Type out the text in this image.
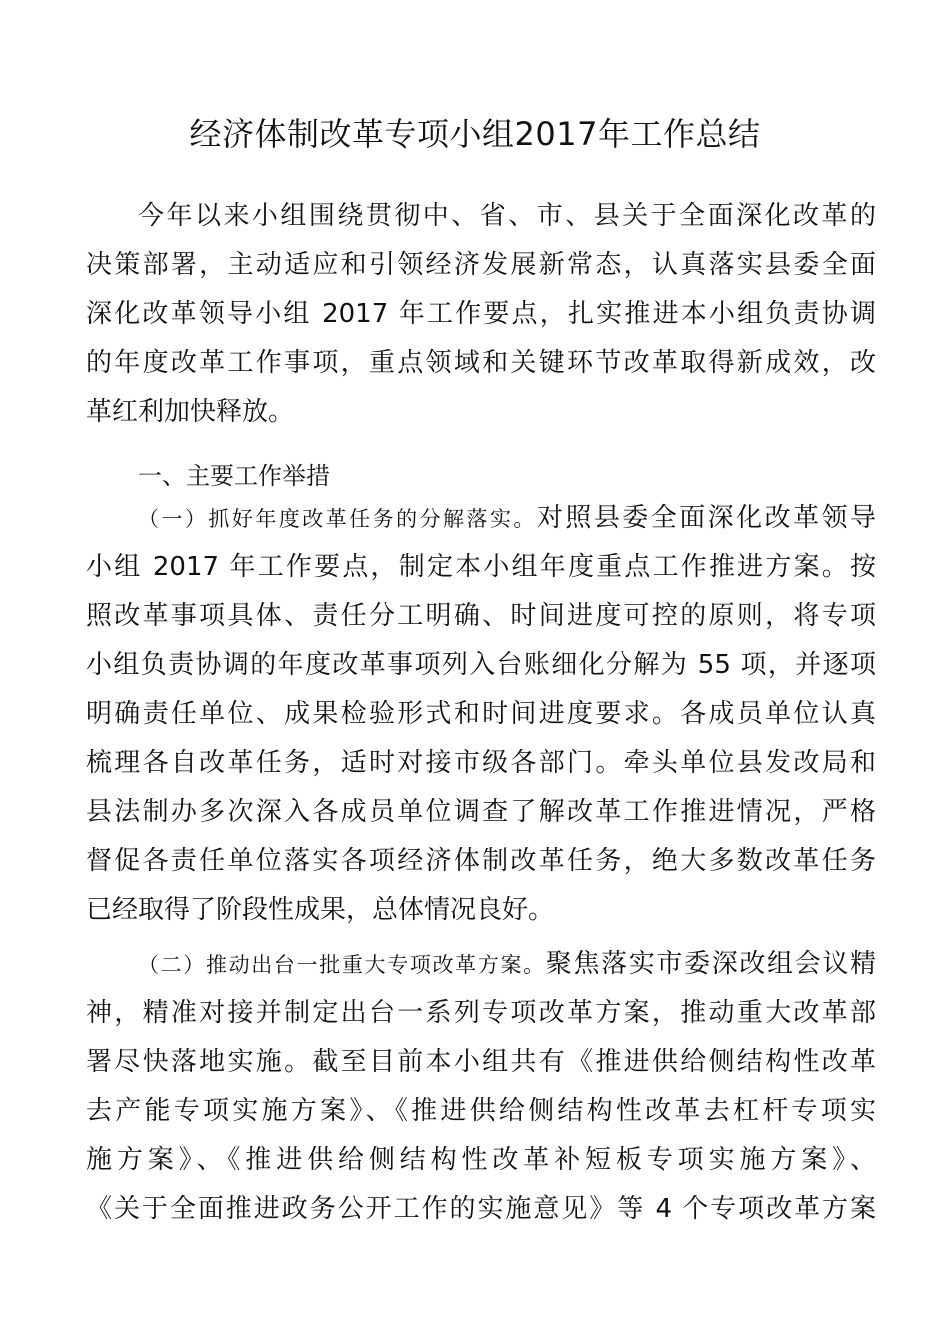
经济体制改革专项小组2017年工作总结
今年以来小组围绕贯彻中、省、市、县关于全面深化改革的
决策部署，主动适应和引领经济发展新常态，认真落实县委全面
深化改革领导小组 2017 年工作要点，扎实推进本小组负责协调
的年度改革工作事项，重点领域和关键环节改革取得新成效，改
革红利加快释放。
一、主要工作举措
（一）抓好年度改革任务的分解落实。对照县委全面深化改革领导
小组 2017 年工作要点，制定本小组年度重点工作推进方案。按
照改革事项具体、责任分工明确、时间进度可控的原则，将专项
小组负责协调的年度改革事项列入台账细化分解为 55 项，并逐项
明确责任单位、成果检验形式和时间进度要求。各成员单位认真
梳理各自改革任务，适时对接市级各部门。牵头单位县发改局和
县法制办多次深入各成员单位调查了解改革工作推进情况，严格
督促各责任单位落实各项经济体制改革任务，绝大多数改革任务
已经取得了阶段性成果，总体情况良好。
（二）推动出台一批重大专项改革方案。聚焦落实市委深改组会议精
神，精准对接并制定出台一系列专项改革方案，推动重大改革部
署尽快落地实施。截至目前本小组共有《推进供给侧结构性改革
去产能专项实施方案》、《推进供给侧结构性改革去杠杆专项实
施方案》、《推进供给侧结构性改革补短板专项实施方案》、
《关于全面推进政务公开工作的实施意见》等 4 个专项改革方案
